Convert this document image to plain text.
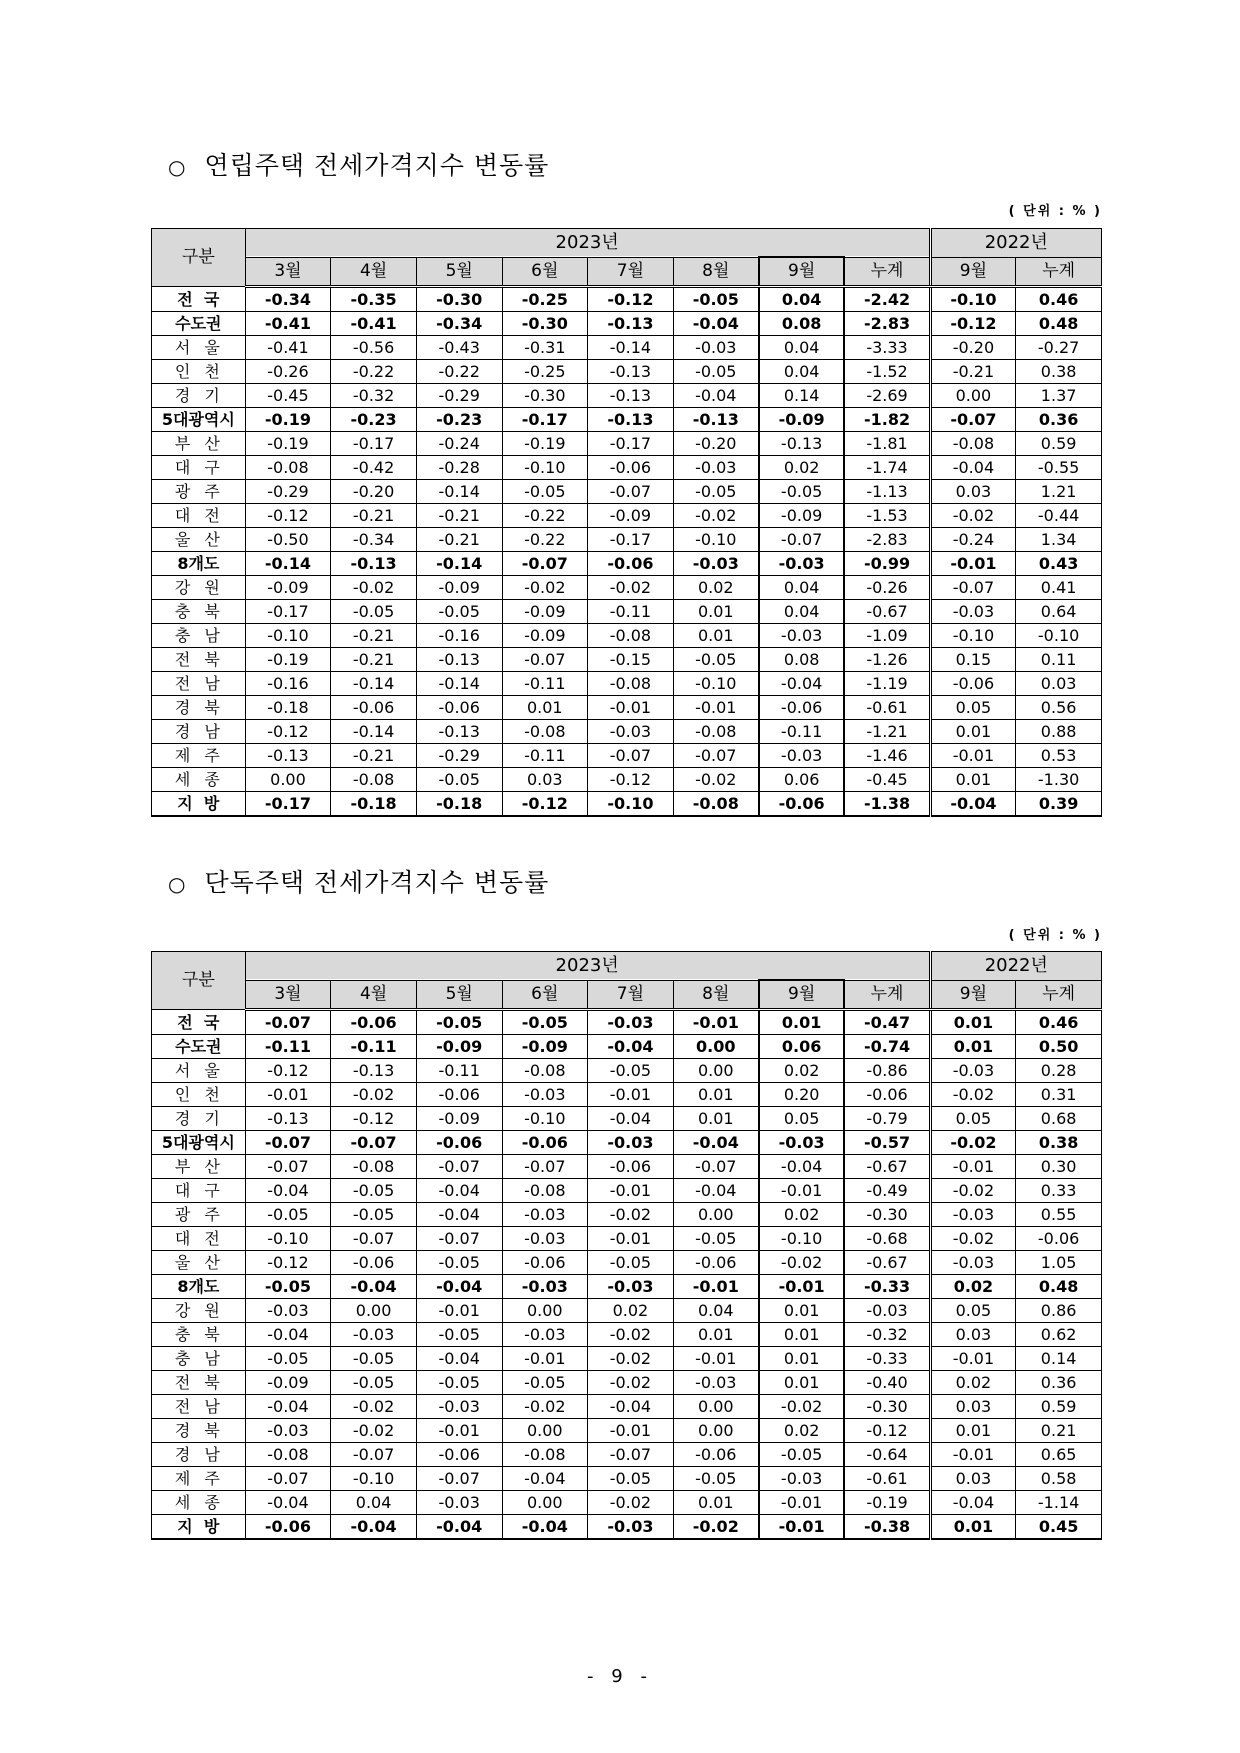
○ 연립주택 전세가격지수 변동률
( 단위 : % )
구분	2023년								2022년	
	3월	4월	5월	6월	7월	8월	9월	누계	9월	누계
전  국	-0.34	-0.35	-0.30	-0.25	-0.12	-0.05	0.04	-2.42	-0.10	0.46
수도권	-0.41	-0.41	-0.34	-0.30	-0.13	-0.04	0.08	-2.83	-0.12	0.48
서울	-0.41	-0.56	-0.43	-0.31	-0.14	-0.03	0.04	-3.33	-0.20	-0.27
인천	-0.26	-0.22	-0.22	-0.25	-0.13	-0.05	0.04	-1.52	-0.21	0.38
경기	-0.45	-0.32	-0.29	-0.30	-0.13	-0.04	0.14	-2.69	0.00	1.37
5대광역시	-0.19	-0.23	-0.23	-0.17	-0.13	-0.13	-0.09	-1.82	-0.07	0.36
부산	-0.19	-0.17	-0.24	-0.19	-0.17	-0.20	-0.13	-1.81	-0.08	0.59
대구	-0.08	-0.42	-0.28	-0.10	-0.06	-0.03	0.02	-1.74	-0.04	-0.55
광주	-0.29	-0.20	-0.14	-0.05	-0.07	-0.05	-0.05	-1.13	0.03	1.21
대전	-0.12	-0.21	-0.21	-0.22	-0.09	-0.02	-0.09	-1.53	-0.02	-0.44
울산	-0.50	-0.34	-0.21	-0.22	-0.17	-0.10	-0.07	-2.83	-0.24	1.34
8개도	-0.14	-0.13	-0.14	-0.07	-0.06	-0.03	-0.03	-0.99	-0.01	0.43
강원	-0.09	-0.02	-0.09	-0.02	-0.02	0.02	0.04	-0.26	-0.07	0.41
충북	-0.17	-0.05	-0.05	-0.09	-0.11	0.01	0.04	-0.67	-0.03	0.64
충남	-0.10	-0.21	-0.16	-0.09	-0.08	0.01	-0.03	-1.09	-0.10	-0.10
전북	-0.19	-0.21	-0.13	-0.07	-0.15	-0.05	0.08	-1.26	0.15	0.11
전남	-0.16	-0.14	-0.14	-0.11	-0.08	-0.10	-0.04	-1.19	-0.06	0.03
경북	-0.18	-0.06	-0.06	0.01	-0.01	-0.01	-0.06	-0.61	0.05	0.56
경남	-0.12	-0.14	-0.13	-0.08	-0.03	-0.08	-0.11	-1.21	0.01	0.88
제주	-0.13	-0.21	-0.29	-0.11	-0.07	-0.07	-0.03	-1.46	-0.01	0.53
세종	0.00	-0.08	-0.05	0.03	-0.12	-0.02	0.06	-0.45	0.01	-1.30
지  방	-0.17	-0.18	-0.18	-0.12	-0.10	-0.08	-0.06	-1.38	-0.04	0.39
○ 단독주택 전세가격지수 변동률
( 단위 : % )
구분	2023년								2022년	
	3월	4월	5월	6월	7월	8월	9월	누계	9월	누계
전  국	-0.07	-0.06	-0.05	-0.05	-0.03	-0.01	0.01	-0.47	0.01	0.46
수도권	-0.11	-0.11	-0.09	-0.09	-0.04	0.00	0.06	-0.74	0.01	0.50
서울	-0.12	-0.13	-0.11	-0.08	-0.05	0.00	0.02	-0.86	-0.03	0.28
인천	-0.01	-0.02	-0.06	-0.03	-0.01	0.01	0.20	-0.06	-0.02	0.31
경기	-0.13	-0.12	-0.09	-0.10	-0.04	0.01	0.05	-0.79	0.05	0.68
5대광역시	-0.07	-0.07	-0.06	-0.06	-0.03	-0.04	-0.03	-0.57	-0.02	0.38
부산	-0.07	-0.08	-0.07	-0.07	-0.06	-0.07	-0.04	-0.67	-0.01	0.30
대구	-0.04	-0.05	-0.04	-0.08	-0.01	-0.04	-0.01	-0.49	-0.02	0.33
광주	-0.05	-0.05	-0.04	-0.03	-0.02	0.00	0.02	-0.30	-0.03	0.55
대전	-0.10	-0.07	-0.07	-0.03	-0.01	-0.05	-0.10	-0.68	-0.02	-0.06
울산	-0.12	-0.06	-0.05	-0.06	-0.05	-0.06	-0.02	-0.67	-0.03	1.05
8개도	-0.05	-0.04	-0.04	-0.03	-0.03	-0.01	-0.01	-0.33	0.02	0.48
강원	-0.03	0.00	-0.01	0.00	0.02	0.04	0.01	-0.03	0.05	0.86
충북	-0.04	-0.03	-0.05	-0.03	-0.02	0.01	0.01	-0.32	0.03	0.62
충남	-0.05	-0.05	-0.04	-0.01	-0.02	-0.01	0.01	-0.33	-0.01	0.14
전북	-0.09	-0.05	-0.05	-0.05	-0.02	-0.03	0.01	-0.40	0.02	0.36
전남	-0.04	-0.02	-0.03	-0.02	-0.04	0.00	-0.02	-0.30	0.03	0.59
경북	-0.03	-0.02	-0.01	0.00	-0.01	0.00	0.02	-0.12	0.01	0.21
경남	-0.08	-0.07	-0.06	-0.08	-0.07	-0.06	-0.05	-0.64	-0.01	0.65
제주	-0.07	-0.10	-0.07	-0.04	-0.05	-0.05	-0.03	-0.61	0.03	0.58
세종	-0.04	0.04	-0.03	0.00	-0.02	0.01	-0.01	-0.19	-0.04	-1.14
지  방	-0.06	-0.04	-0.04	-0.04	-0.03	-0.02	-0.01	-0.38	0.01	0.45
- 9 -
